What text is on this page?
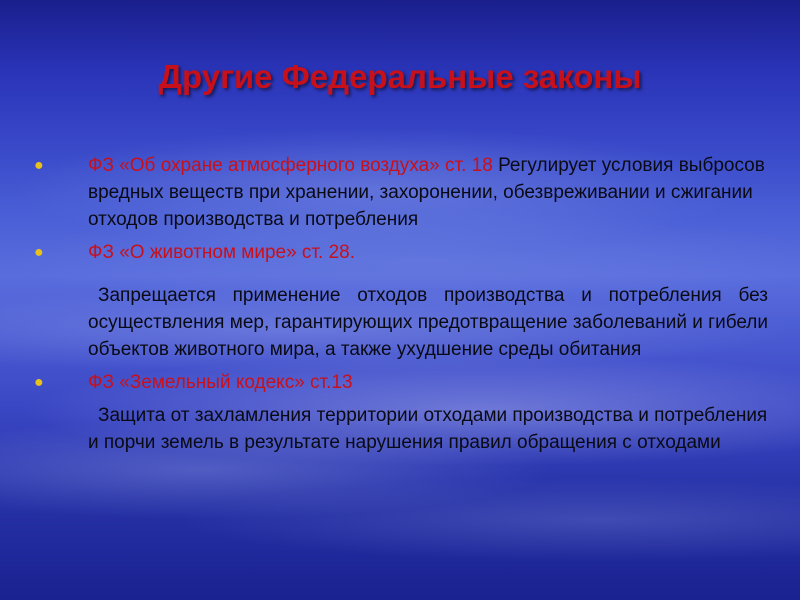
Другие Федеральные законы
● ФЗ «Об охране атмосферного воздуха» ст. 18 Регулирует условия выбросов вредных веществ при хранении, захоронении, обезвреживании и сжигании отходов производства и потребления
● ФЗ «О животном мире» ст. 28.
Запрещается применение отходов производства и потребления без осуществления мер, гарантирующих предотвращение заболеваний и гибели объектов животного мира, а также ухудшение среды обитания
● ФЗ «Земельный кодекс» ст.13
Защита от захламления территории отходами производства и потребления и порчи земель в результате нарушения правил обращения с отходами
